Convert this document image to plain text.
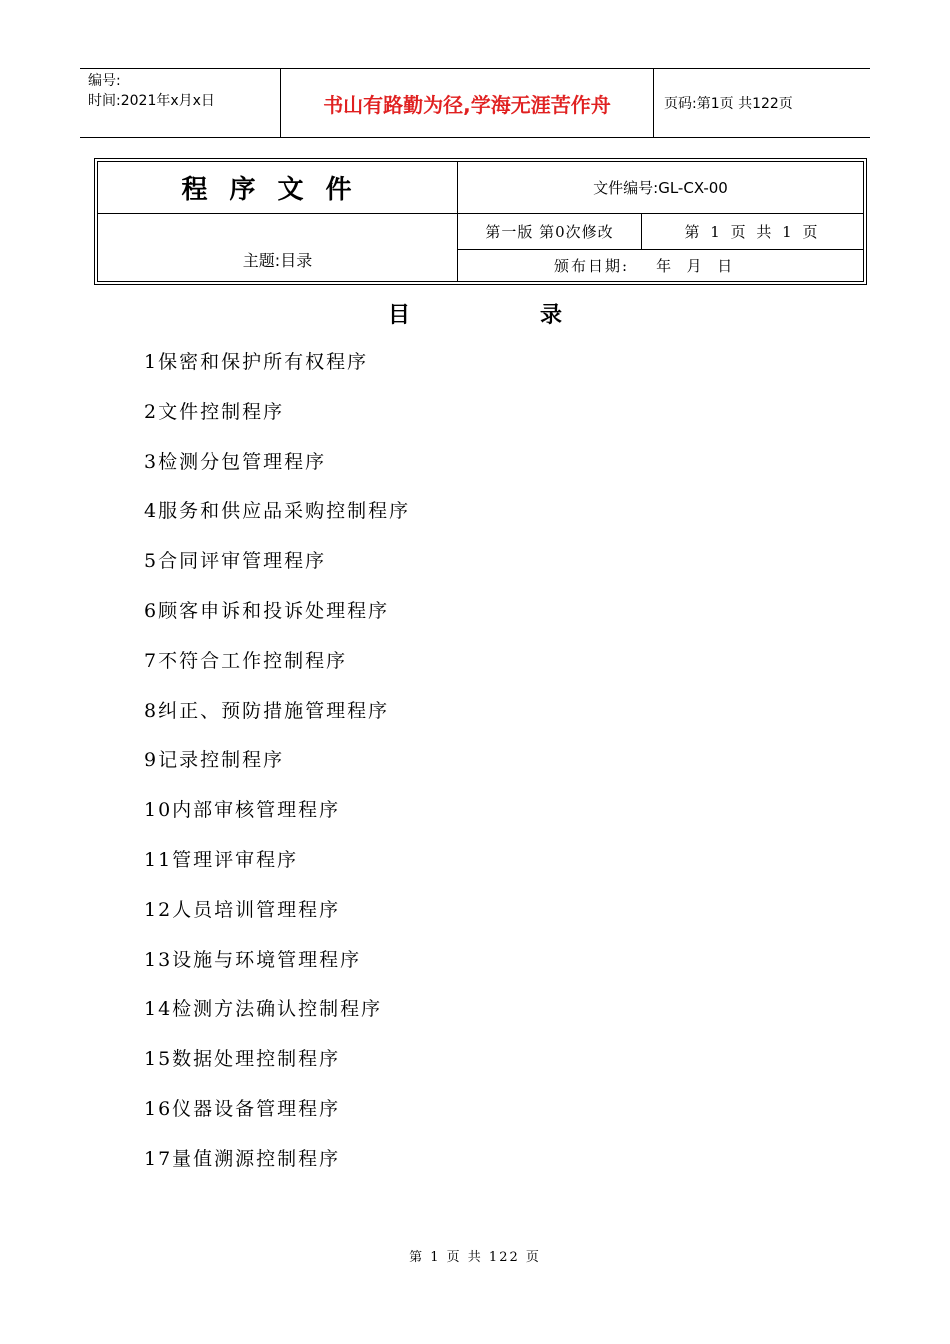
编号:
时间:2021年x月x日	书山有路勤为径,学海无涯苦作舟	页码:第1页 共122页
程序文件	文件编号:GL-CX-00
主题:目录
第一版 第0次修改	第 1 页 共 1 页
颁布日期:    年  月  日
目	录
1保密和保护所有权程序
2文件控制程序
3检测分包管理程序
4服务和供应品采购控制程序
5合同评审管理程序
6顾客申诉和投诉处理程序
7不符合工作控制程序
8纠正、预防措施管理程序
9记录控制程序
10内部审核管理程序
11管理评审程序
12人员培训管理程序
13设施与环境管理程序
14检测方法确认控制程序
15数据处理控制程序
16仪器设备管理程序
17量值溯源控制程序
第 1 页 共 122 页
